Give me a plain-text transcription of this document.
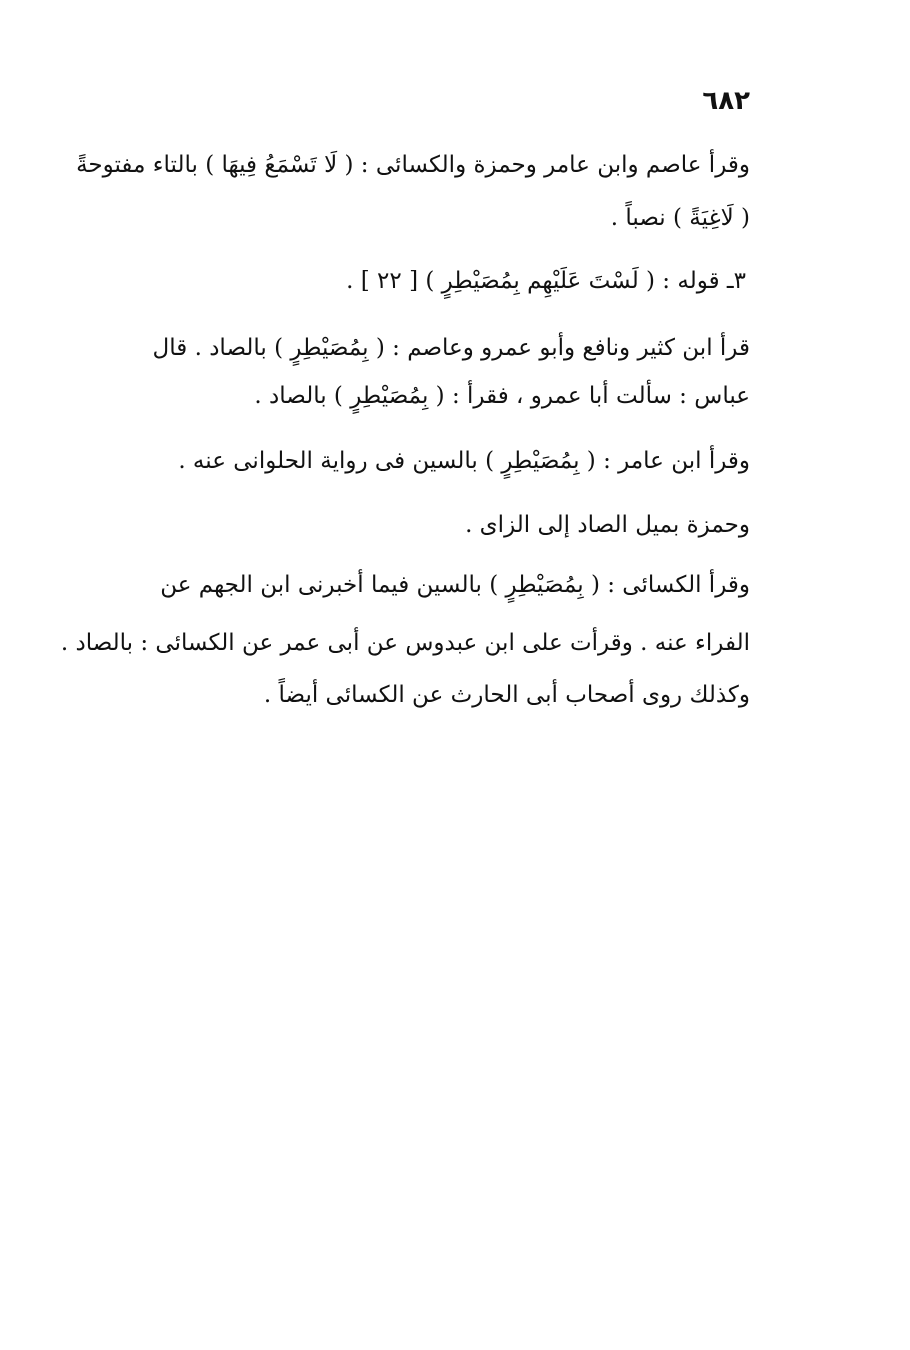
٦٨٢
وقرأ عاصم وابن عامر وحمزة والكسائى : ( لَا تَسْمَعُ فِيهَا ) بالتاء مفتوحةً
( لَاغِيَةً ) نصباً .
٣ـ قوله : ( لَسْتَ عَلَيْهِم بِمُصَيْطِرٍ ) [ ٢٢ ] .
قرأ ابن كثير ونافع وأبو عمرو وعاصم : ( بِمُصَيْطِرٍ ) بالصاد . قال
عباس : سألت أبا عمرو ، فقرأ : ( بِمُصَيْطِرٍ ) بالصاد .
وقرأ ابن عامر : ( بِمُصَيْطِرٍ ) بالسين فى رواية الحلوانى عنه .
وحمزة بميل الصاد إلى الزاى .
وقرأ الكسائى : ( بِمُصَيْطِرٍ ) بالسين فيما أخبرنى ابن الجهم عن
الفراء عنه . وقرأت على ابن عبدوس عن أبى عمر عن الكسائى : بالصاد .
وكذلك روى أصحاب أبى الحارث عن الكسائى أيضاً .
